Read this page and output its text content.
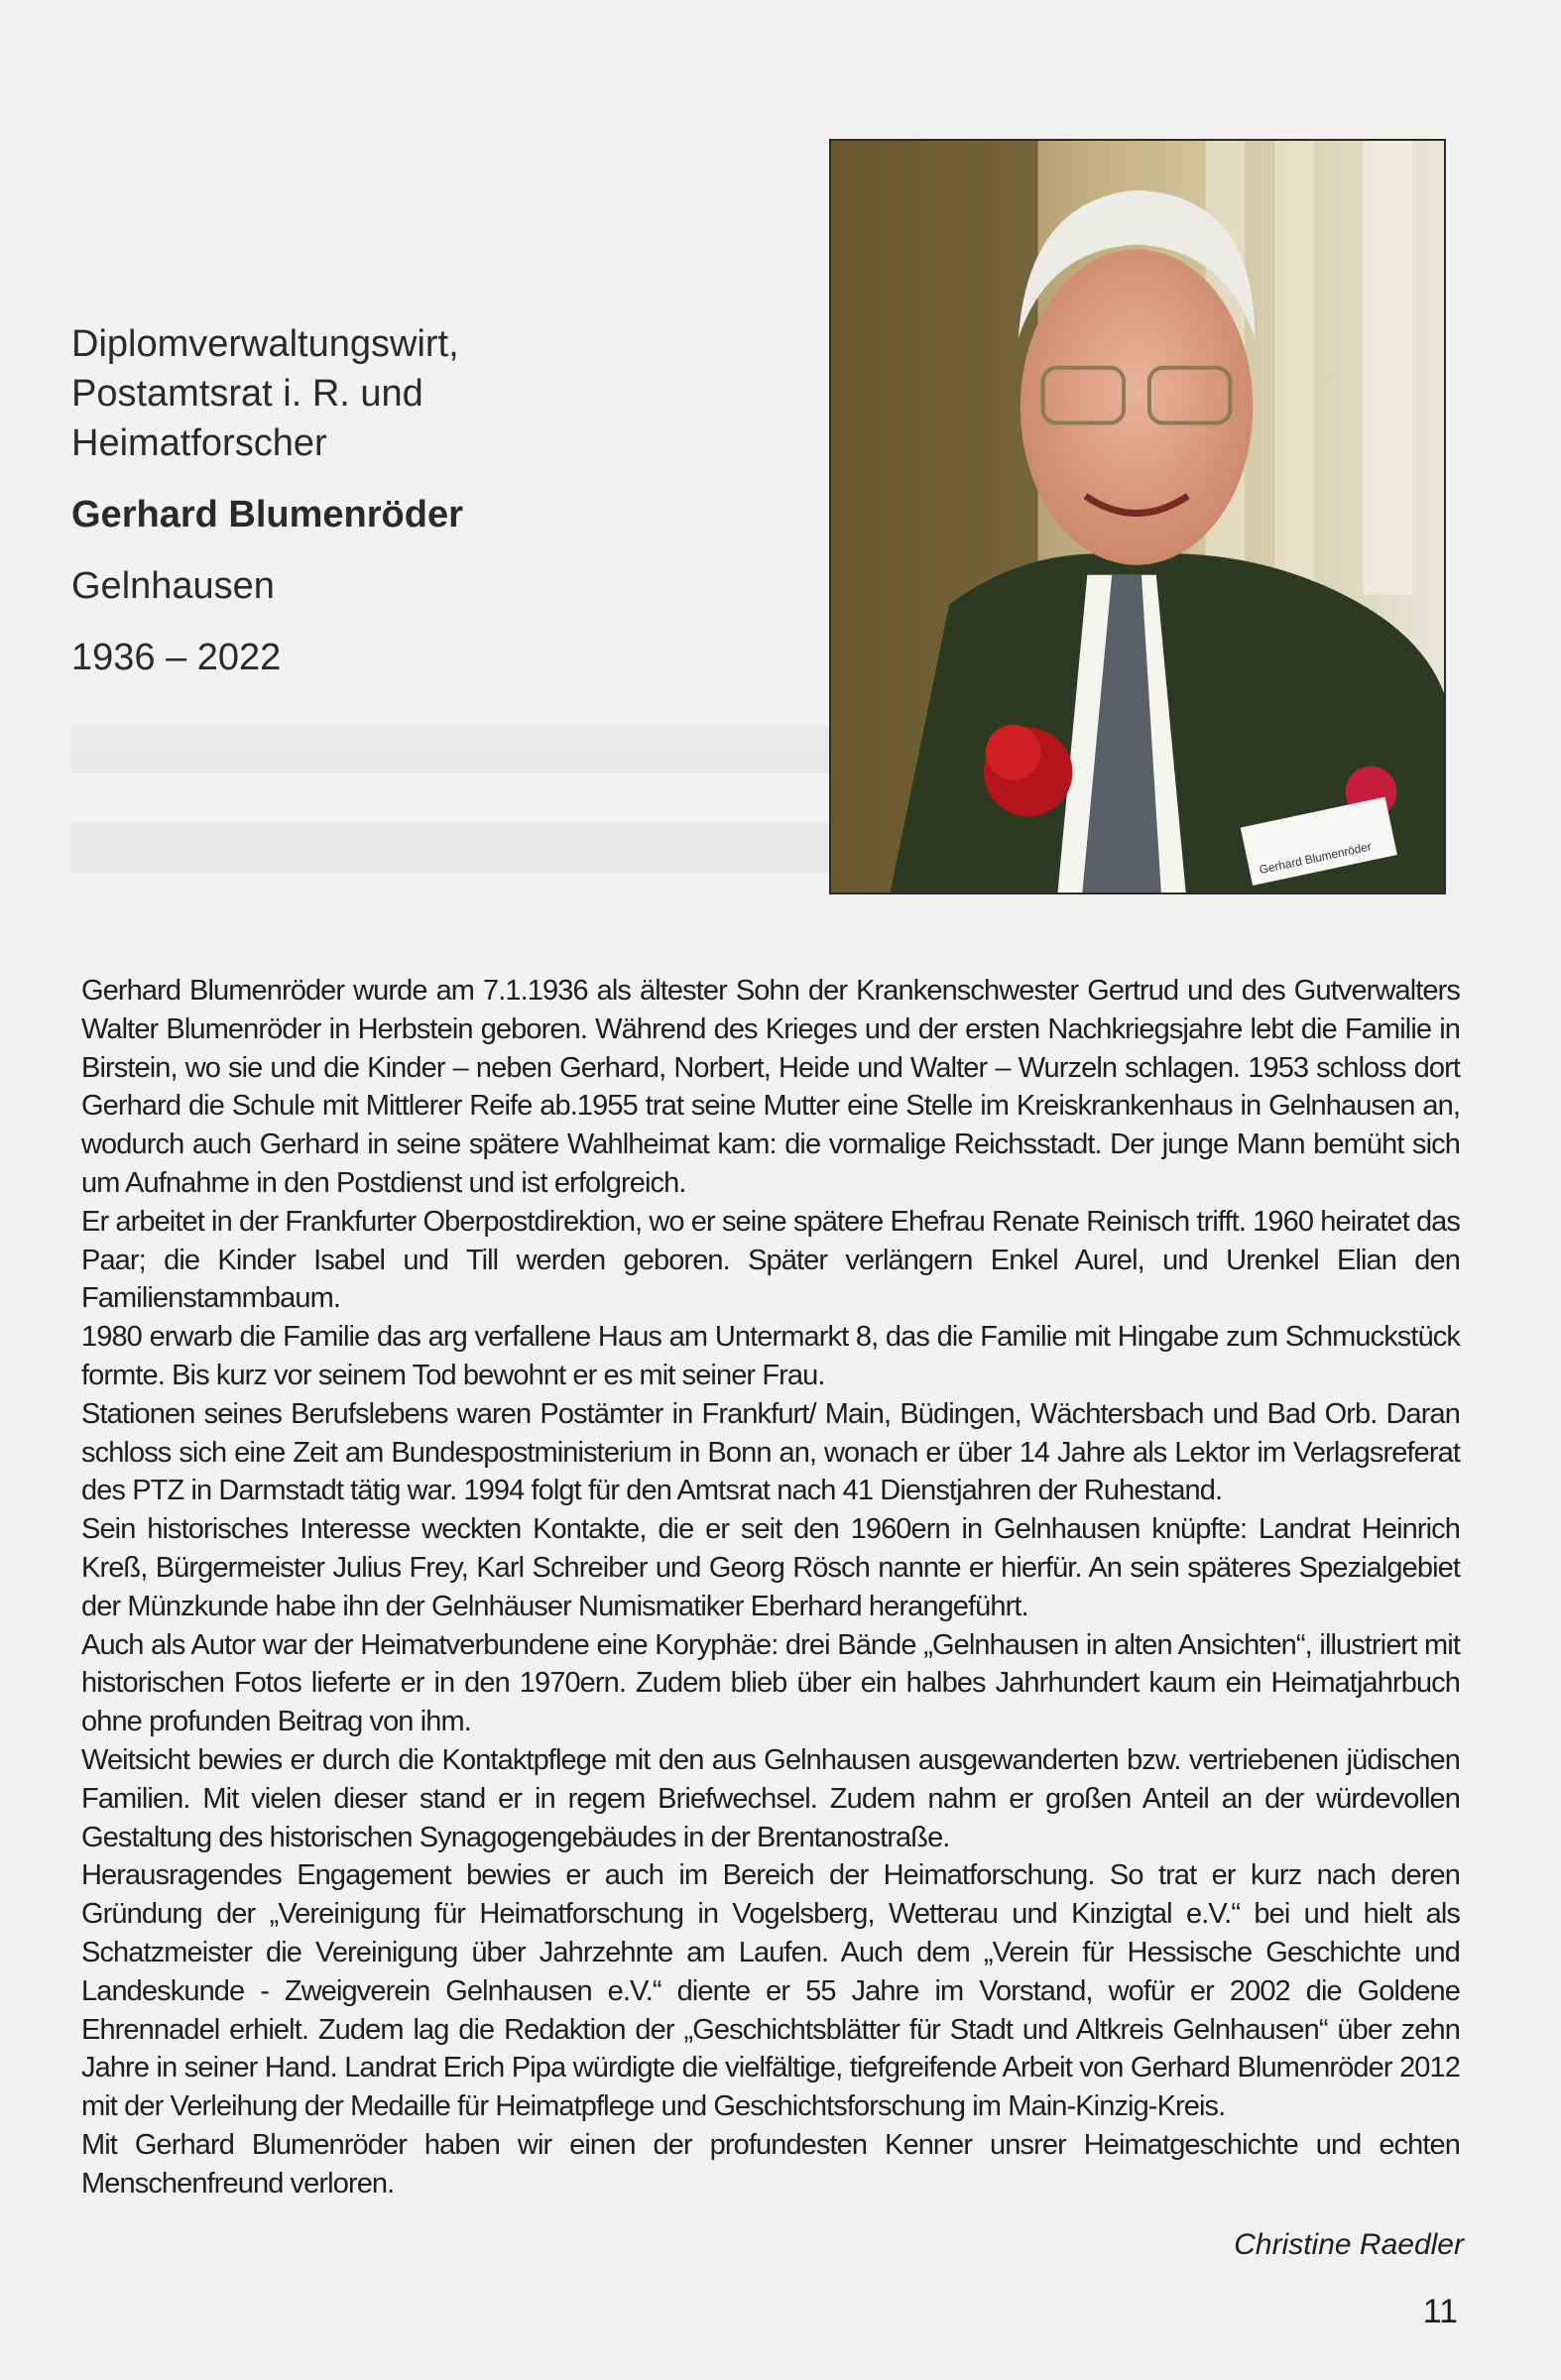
Diplomverwaltungswirt,
Postamtsrat i. R. und
Heimatforscher
Gerhard Blumenröder
Gelnhausen
1936 – 2022
Gerhard Blumenröder

Gerhard Blumenröder wurde am 7.1.1936 als ältester Sohn der Krankenschwester Gertrud und des Gutverwalters Walter Blumenröder in Herbstein geboren. Während des Krieges und der ersten Nachkriegsjahre lebt die Familie in Birstein, wo sie und die Kinder – neben Gerhard, Norbert, Heide und Walter – Wurzeln schlagen. 1953 schloss dort Gerhard die Schule mit Mittlerer Reife ab.1955 trat seine Mutter eine Stelle im Kreiskrankenhaus in Gelnhausen an, wodurch auch Gerhard in seine spätere Wahlheimat kam: die vormalige Reichsstadt. Der junge Mann bemüht sich um Aufnahme in den Postdienst und ist erfolgreich.

Er arbeitet in der Frankfurter Oberpostdirektion, wo er seine spätere Ehefrau Renate Reinisch trifft. 1960 heiratet das Paar; die Kinder Isabel und Till werden geboren. Später verlängern Enkel Aurel, und Urenkel Elian den Familienstammbaum.

1980 erwarb die Familie das arg verfallene Haus am Untermarkt 8, das die Familie mit Hingabe zum Schmuckstück formte. Bis kurz vor seinem Tod bewohnt er es mit seiner Frau.

Stationen seines Berufslebens waren Postämter in Frankfurt/ Main, Büdingen, Wächtersbach und Bad Orb. Daran schloss sich eine Zeit am Bundespostministerium in Bonn an, wonach er über 14 Jahre als Lektor im Verlagsreferat des PTZ in Darmstadt tätig war. 1994 folgt für den Amtsrat nach 41 Dienstjahren der Ruhestand.

Sein historisches Interesse weckten Kontakte, die er seit den 1960ern in Gelnhausen knüpfte: Landrat Heinrich Kreß, Bürgermeister Julius Frey, Karl Schreiber und Georg Rösch nannte er hierfür. An sein späteres Spezialgebiet der Münzkunde habe ihn der Gelnhäuser Numismatiker Eberhard herangeführt.

Auch als Autor war der Heimatverbundene eine Koryphäe: drei Bände „Gelnhausen in alten Ansichten“, illustriert mit historischen Fotos lieferte er in den 1970ern. Zudem blieb über ein halbes Jahrhundert kaum ein Heimatjahrbuch ohne profunden Beitrag von ihm.

Weitsicht bewies er durch die Kontaktpflege mit den aus Gelnhausen ausgewanderten bzw. vertriebenen jüdischen Familien. Mit vielen dieser stand er in regem Briefwechsel. Zudem nahm er großen Anteil an der würdevollen Gestaltung des historischen Synagogengebäudes in der Brentanostraße.

Herausragendes Engagement bewies er auch im Bereich der Heimatforschung. So trat er kurz nach deren Gründung der „Vereinigung für Heimatforschung in Vogelsberg, Wetterau und Kinzigtal e.V.“ bei und hielt als Schatzmeister die Vereinigung über Jahrzehnte am Laufen. Auch dem „Verein für Hessische Geschichte und Landeskunde - Zweigverein Gelnhausen e.V.“ diente er 55 Jahre im Vorstand, wofür er 2002 die Goldene Ehrennadel erhielt. Zudem lag die Redaktion der „Geschichtsblätter für Stadt und Altkreis Gelnhausen“ über zehn Jahre in seiner Hand. Landrat Erich Pipa würdigte die vielfältige, tiefgreifende Arbeit von Gerhard Blumenröder 2012 mit der Verleihung der Medaille für Heimatpflege und Geschichtsforschung im Main-Kinzig-Kreis.

Mit Gerhard Blumenröder haben wir einen der profundesten Kenner unsrer Heimatgeschichte und echten Menschenfreund verloren.

Christine Raedler
11
